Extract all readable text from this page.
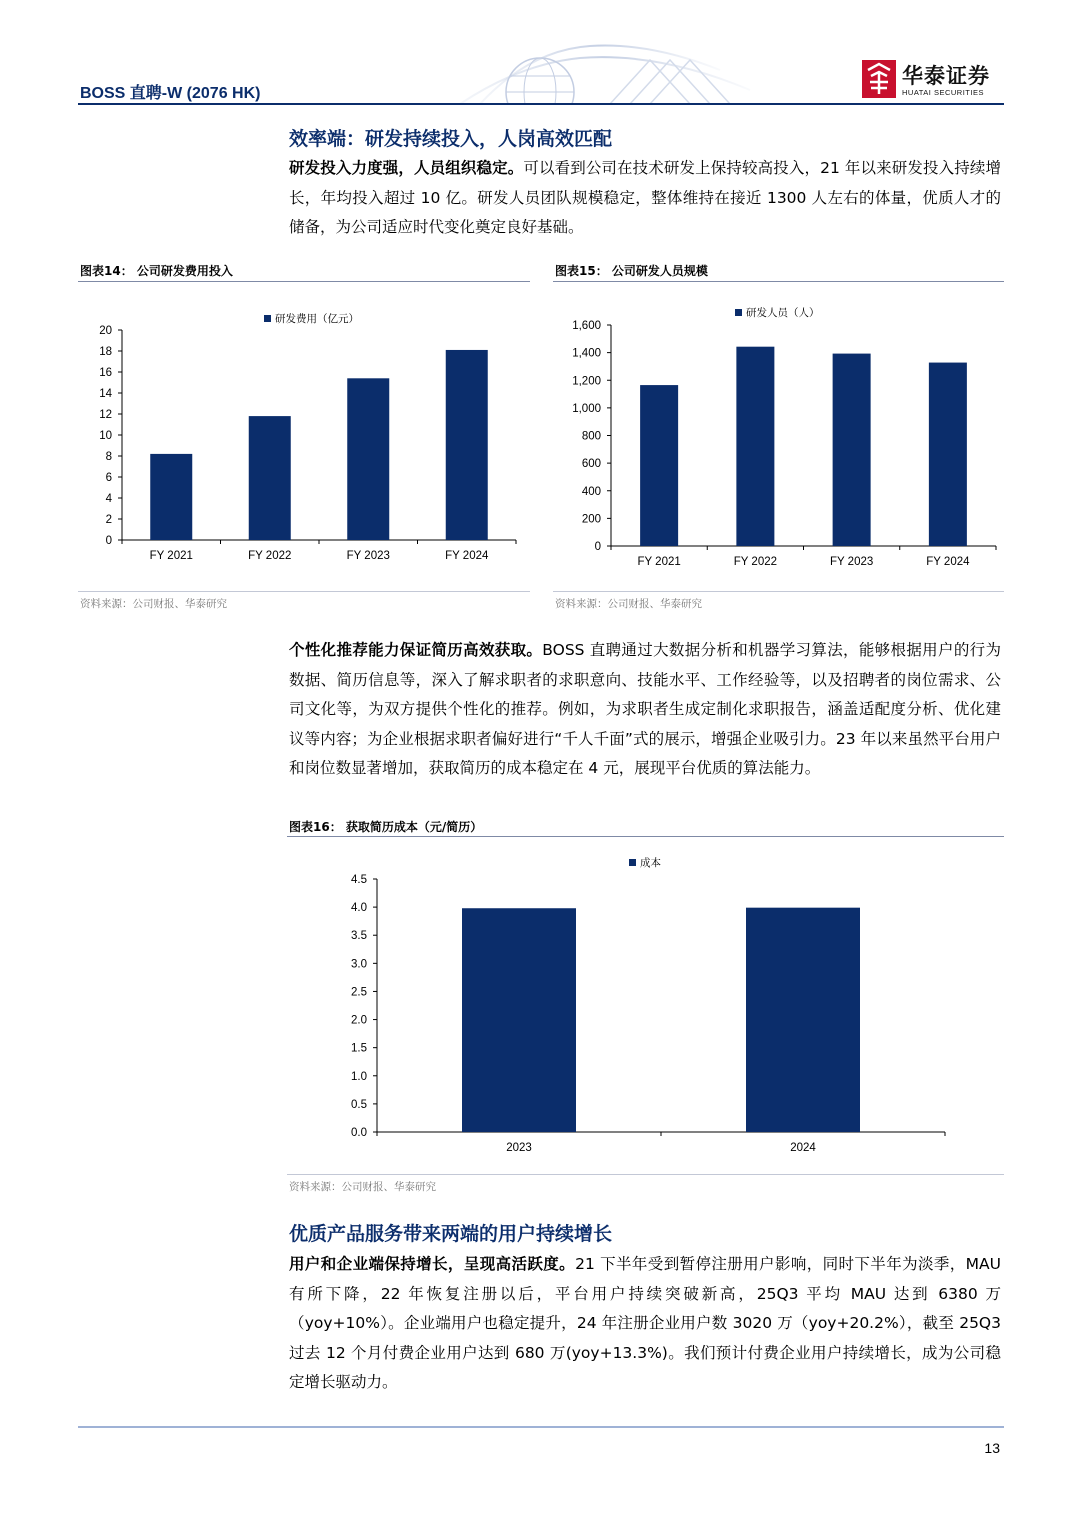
BOSS 直聘-W (2076 HK)
华泰证券
HUATAI SECURITIES
效率端：研发持续投入，人岗高效匹配
研发投入力度强，人员组织稳定。可以看到公司在技术研发上保持较高投入，21 年以来研发投入持续增长，年均投入超过 10 亿。研发人员团队规模稳定，整体维持在接近 1300 人左右的体量，优质人才的储备，为公司适应时代变化奠定良好基础。
图表14： 公司研发费用投入
0
2
4
6
8
10
12
14
16
18
20
FY 2021	FY 2022	FY 2023	FY 2024
研发费用（亿元）
资料来源：公司财报、华泰研究
图表15： 公司研发人员规模
0
200
400
600
800
1,000
1,200
1,400
1,600
FY 2021	FY 2022	FY 2023	FY 2024
研发人员（人）
资料来源：公司财报、华泰研究
个性化推荐能力保证简历高效获取。BOSS 直聘通过大数据分析和机器学习算法，能够根据用户的行为数据、简历信息等，深入了解求职者的求职意向、技能水平、工作经验等，以及招聘者的岗位需求、公司文化等，为双方提供个性化的推荐。例如，为求职者生成定制化求职报告，涵盖适配度分析、优化建议等内容；为企业根据求职者偏好进行“千人千面”式的展示，增强企业吸引力。23 年以来虽然平台用户和岗位数显著增加，获取简历的成本稳定在 4 元，展现平台优质的算法能力。
图表16： 获取简历成本（元/简历）
0.0
0.5
1.0
1.5
2.0
2.5
3.0
3.5
4.0
4.5
2023	2024
成本
资料来源：公司财报、华泰研究
优质产品服务带来两端的用户持续增长
用户和企业端保持增长，呈现高活跃度。21 下半年受到暂停注册用户影响，同时下半年为淡季，MAU 有所下降，22 年恢复注册以后，平台用户持续突破新高，25Q3 平均 MAU 达到 6380 万（yoy+10%）。企业端用户也稳定提升，24 年注册企业用户数 3020 万（yoy+20.2%），截至 25Q3 过去 12 个月付费企业用户达到 680 万(yoy+13.3%)。我们预计付费企业用户持续增长，成为公司稳定增长驱动力。
13
